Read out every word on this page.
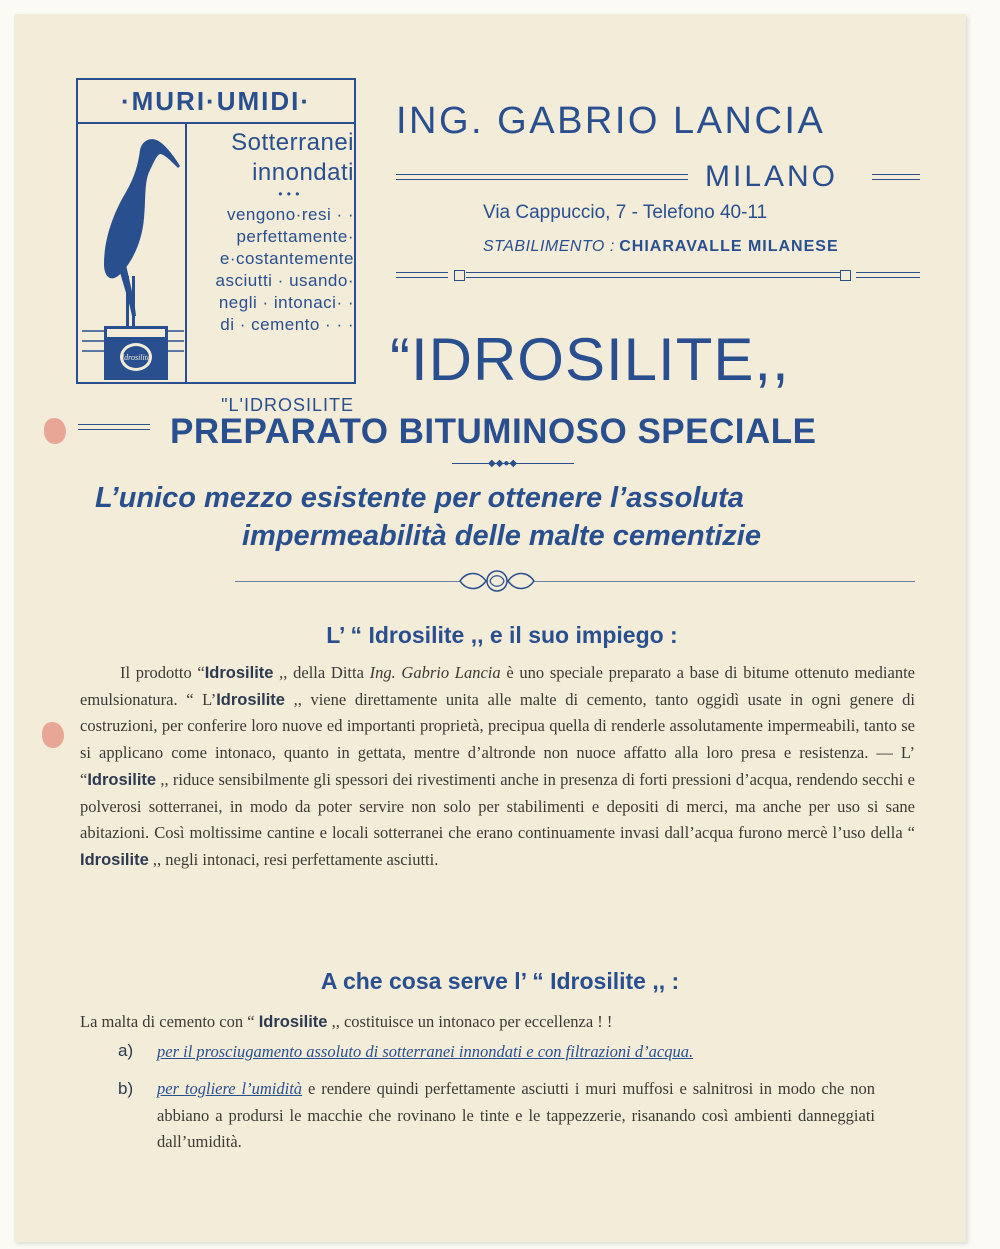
·MURI·UMIDI·
Idrosilite
Sotterranei
innondati
• • •
vengono·resi · ·
perfettamente·
e·costantemente
asciutti · usando·
negli · intonaci· ·
di · cemento · · ·
"L'IDROSILITE
ING. GABRIO LANCIA
MILANO
Via Cappuccio, 7 - Telefono 40-11
STABILIMENTO : CHIARAVALLE MILANESE
“IDROSILITE,,
PREPARATO BITUMINOSO SPECIALE
◆◆●◆
L’unico mezzo esistente per ottenere l’assoluta
impermeabilità delle malte cementizie
L’ “ Idrosilite ,, e il suo impiego :
Il prodotto “Idrosilite ,, della Ditta Ing. Gabrio Lancia è uno speciale preparato a base di bitume ottenuto mediante emulsionatura. “ L’Idrosilite ,, viene direttamente unita alle malte di cemento, tanto oggidì usate in ogni genere di costruzioni, per conferire loro nuove ed importanti proprietà, precipua quella di renderle assolutamente impermeabili, tanto se si applicano come intonaco, quanto in gettata, mentre d’altronde non nuoce affatto alla loro presa e resistenza. — L’ “Idrosilite ,, riduce sensibilmente gli spessori dei rivestimenti anche in presenza di forti pressioni d’acqua, rendendo secchi e polverosi sotterranei, in modo da poter servire non solo per stabilimenti e depositi di merci, ma anche per uso si sane abitazioni. Così moltissime cantine e locali sotterranei che erano continuamente invasi dall’acqua furono mercè l’uso della “ Idrosilite ,, negli intonaci, resi perfettamente asciutti.
A che cosa serve l’ “ Idrosilite ,, :
La malta di cemento con “ Idrosilite ,, costituisce un intonaco per eccellenza ! !
a) per il prosciugamento assoluto di sotterranei innondati e con filtrazioni d’acqua.
b) per togliere l’umidità e rendere quindi perfettamente asciutti i muri muffosi e salnitrosi in modo che non abbiano a prodursi le macchie che rovinano le tinte e le tappezzerie, risanando così ambienti danneggiati dall’umidità.
